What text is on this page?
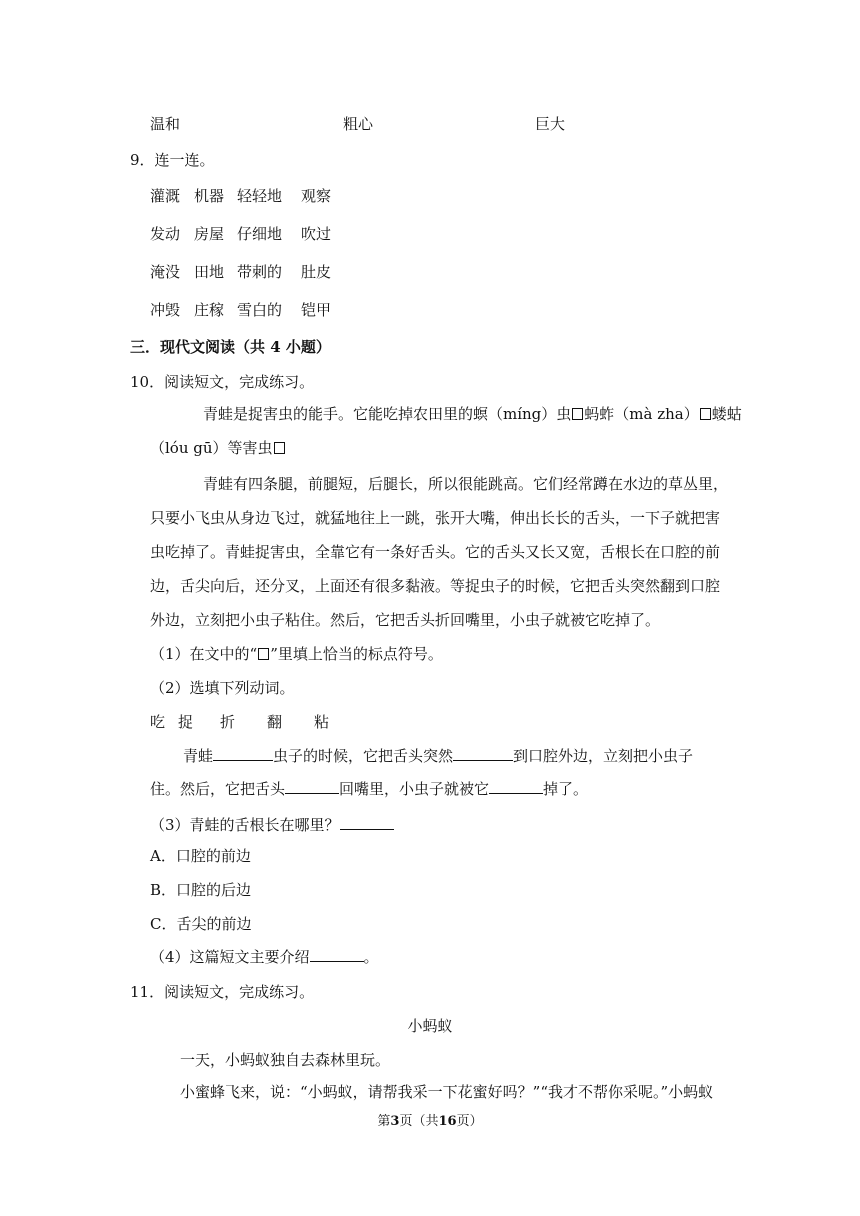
温和	粗心	巨大
9．连一连。
灌溉 机器 轻轻地 观察
发动 房屋 仔细地 吹过
淹没 田地 带刺的 肚皮
冲毁 庄稼 雪白的 铠甲
三．现代文阅读（共 4 小题）
10．阅读短文，完成练习。
青蛙是捉害虫的能手。它能吃掉农田里的螟（míng）虫 蚂蚱（mà zha） 蝼蛄
（lóu gū）等害虫
青蛙有四条腿，前腿短，后腿长，所以很能跳高。它们经常蹲在水边的草丛里，
只要小飞虫从身边飞过，就猛地往上一跳，张开大嘴，伸出长长的舌头，一下子就把害
虫吃掉了。青蛙捉害虫，全靠它有一条好舌头。它的舌头又长又宽，舌根长在口腔的前
边，舌尖向后，还分叉，上面还有很多黏液。等捉虫子的时候，它把舌头突然翻到口腔
外边，立刻把小虫子粘住。然后，它把舌头折回嘴里，小虫子就被它吃掉了。
（1）在文中的“ ”里填上恰当的标点符号。
（2）选填下列动词。
吃 捉 折 翻 粘
青蛙	虫子的时候，它把舌头突然	到口腔外边，立刻把小虫子
住。然后，它把舌头	回嘴里，小虫子就被它	掉了。
（3）青蛙的舌根长在哪里？
A．口腔的前边
B．口腔的后边
C．舌尖的前边
（4）这篇短文主要介绍	。
11．阅读短文，完成练习。
小蚂蚁
一天，小蚂蚁独自去森林里玩。
小蜜蜂飞来，说：“小蚂蚁，请帮我采一下花蜜好吗？”“我才不帮你采呢。”小蚂蚁
第3页（共16页）
